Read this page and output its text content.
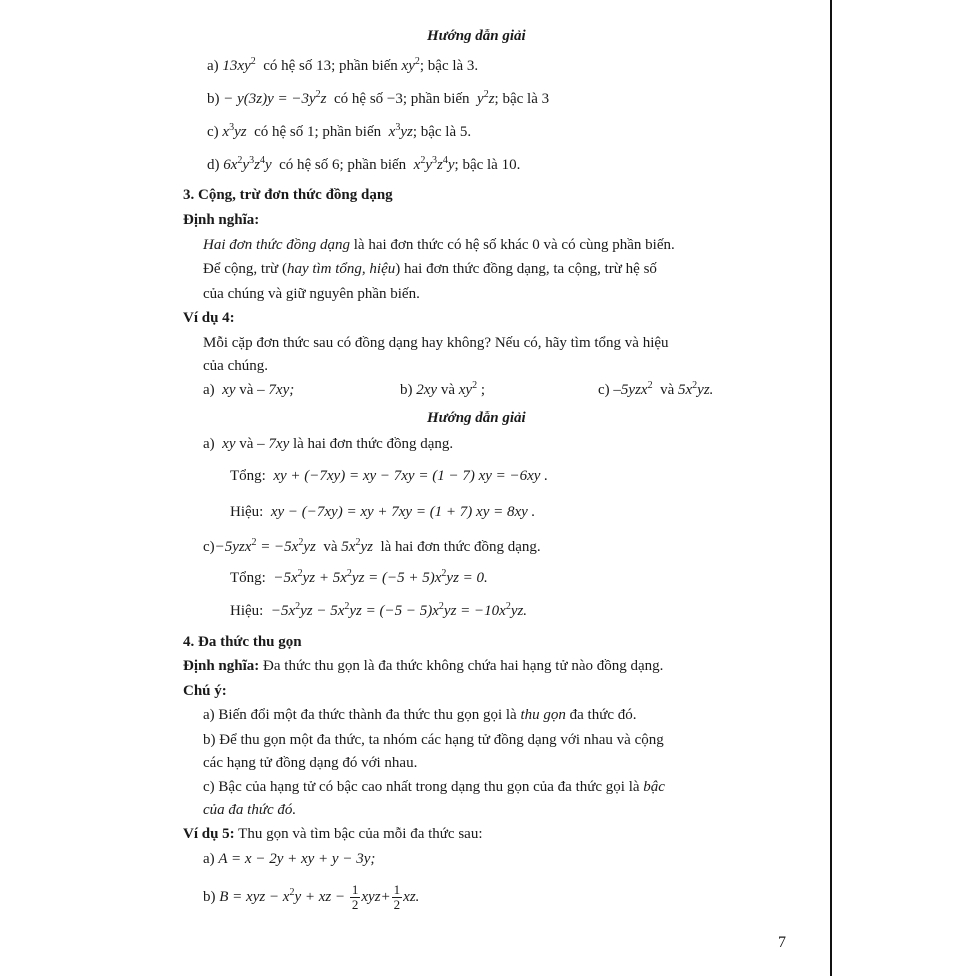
Hướng dẫn giải
a) $13xy^2$ có hệ số 13; phần biến $xy^2$; bậc là 3.
$b) - y(3z)y = -3y^2z$ có hệ số −3; phần biến $y^2z$; bậc là 3
c) $x^3yz$ có hệ số 1; phần biến $x^3yz$; bậc là 5.
d) $6x^2y^3z^4y$ có hệ số 6; phần biến $x^2y^3z^4y$; bậc là 10.
3. Cộng, trừ đơn thức đồng dạng
Định nghĩa:
Hai đơn thức đồng dạng là hai đơn thức có hệ số khác 0 và có cùng phần biến.
Để cộng, trừ (hay tìm tổng, hiệu) hai đơn thức đồng dạng, ta cộng, trừ hệ số
của chúng và giữ nguyên phần biến.
Ví dụ 4:
Mỗi cặp đơn thức sau có đồng dạng hay không? Nếu có, hãy tìm tổng và hiệu
của chúng.
a) xy và – 7xy;	b) 2xy và $xy^2$ ;	c) –5yzx$^2$ và $5x^2yz$.
Hướng dẫn giải
a) xy và – 7xy là hai đơn thức đồng dạng.
Tổng: xy + (−7xy) = xy − 7xy = (1 − 7) xy = −6xy .
Hiệu: xy − (−7xy) = xy + 7xy = (1 + 7) xy = 8xy .
$c)-5yzx^2 = -5x^2yz$ và $5x^2yz$ là hai đơn thức đồng dạng.
Tổng: $-5x^2yz + 5x^2yz = (-5 + 5)x^2yz = 0$.
Hiệu: $-5x^2yz - 5x^2yz = (-5 - 5)x^2yz = -10x^2yz$.
4. Đa thức thu gọn
Định nghĩa: Đa thức thu gọn là đa thức không chứa hai hạng tử nào đồng dạng.
Chú ý:
a) Biến đổi một đa thức thành đa thức thu gọn gọi là thu gọn đa thức đó.
b) Để thu gọn một đa thức, ta nhóm các hạng tử đồng dạng với nhau và cộng
các hạng tử đồng dạng đó với nhau.
c) Bậc của hạng tử có bậc cao nhất trong dạng thu gọn của đa thức gọi là bậc
của đa thức đó.
Ví dụ 5: Thu gọn và tìm bậc của mỗi đa thức sau:
a) A = x − 2y + xy + y − 3y;
b) B = xyz − $x^2y$ + xz − $\frac{1}{2} xyz+ \frac{1}{2}$ xz.
7
